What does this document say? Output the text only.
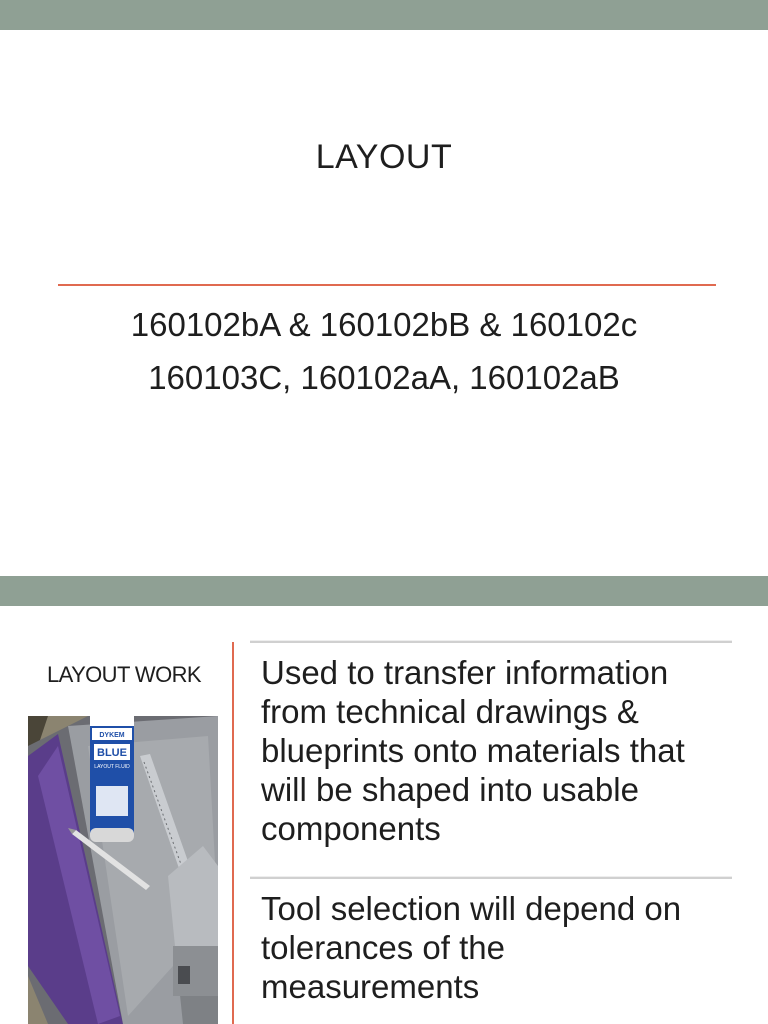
LAYOUT
160102bA & 160102bB & 160102c
160103C, 160102aA, 160102aB
LAYOUT WORK
DYKEM
BLUE
LAYOUT FLUID
Used to transfer information from technical drawings & blueprints onto materials that will be shaped into usable components
Tool selection will depend on tolerances of the measurements
